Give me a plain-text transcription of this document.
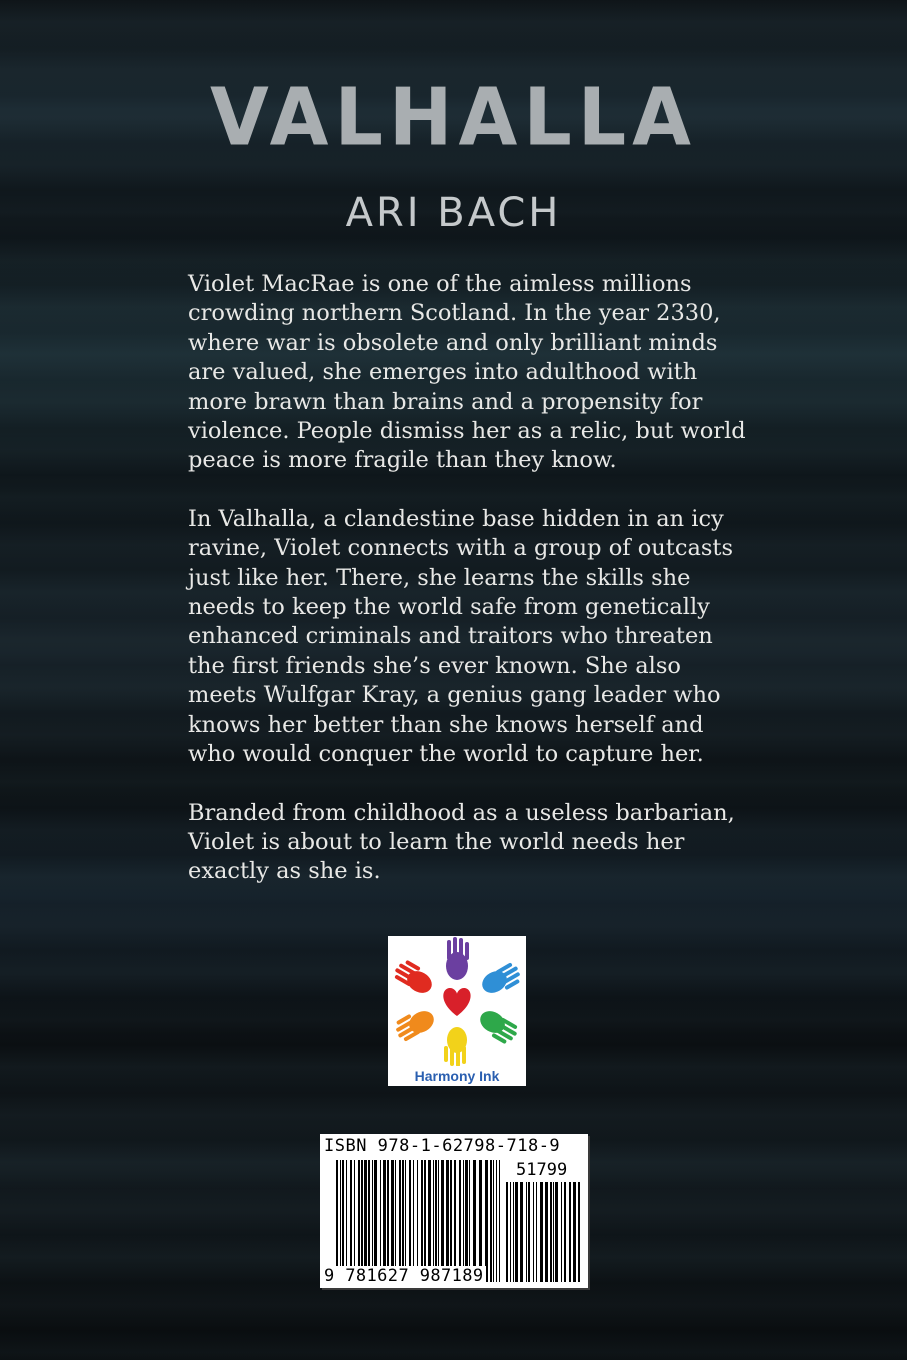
VALHALLA
ARI BACH

Violet MacRae is one of the aimless millions crowding northern Scotland. In the year 2330, where war is obsolete and only brilliant minds are valued, she emerges into adulthood with more brawn than brains and a propensity for violence. People dismiss her as a relic, but world peace is more fragile than they know.

In Valhalla, a clandestine base hidden in an icy ravine, Violet connects with a group of outcasts just like her. There, she learns the skills she needs to keep the world safe from genetically enhanced criminals and traitors who threaten the first friends she’s ever known. She also meets Wulfgar Kray, a genius gang leader who knows her better than she knows herself and who would conquer the world to capture her.

Branded from childhood as a useless barbarian, Violet is about to learn the world needs her exactly as she is.

Harmony Ink
ISBN 978-1-62798-718-9
51799
9 781627 987189
